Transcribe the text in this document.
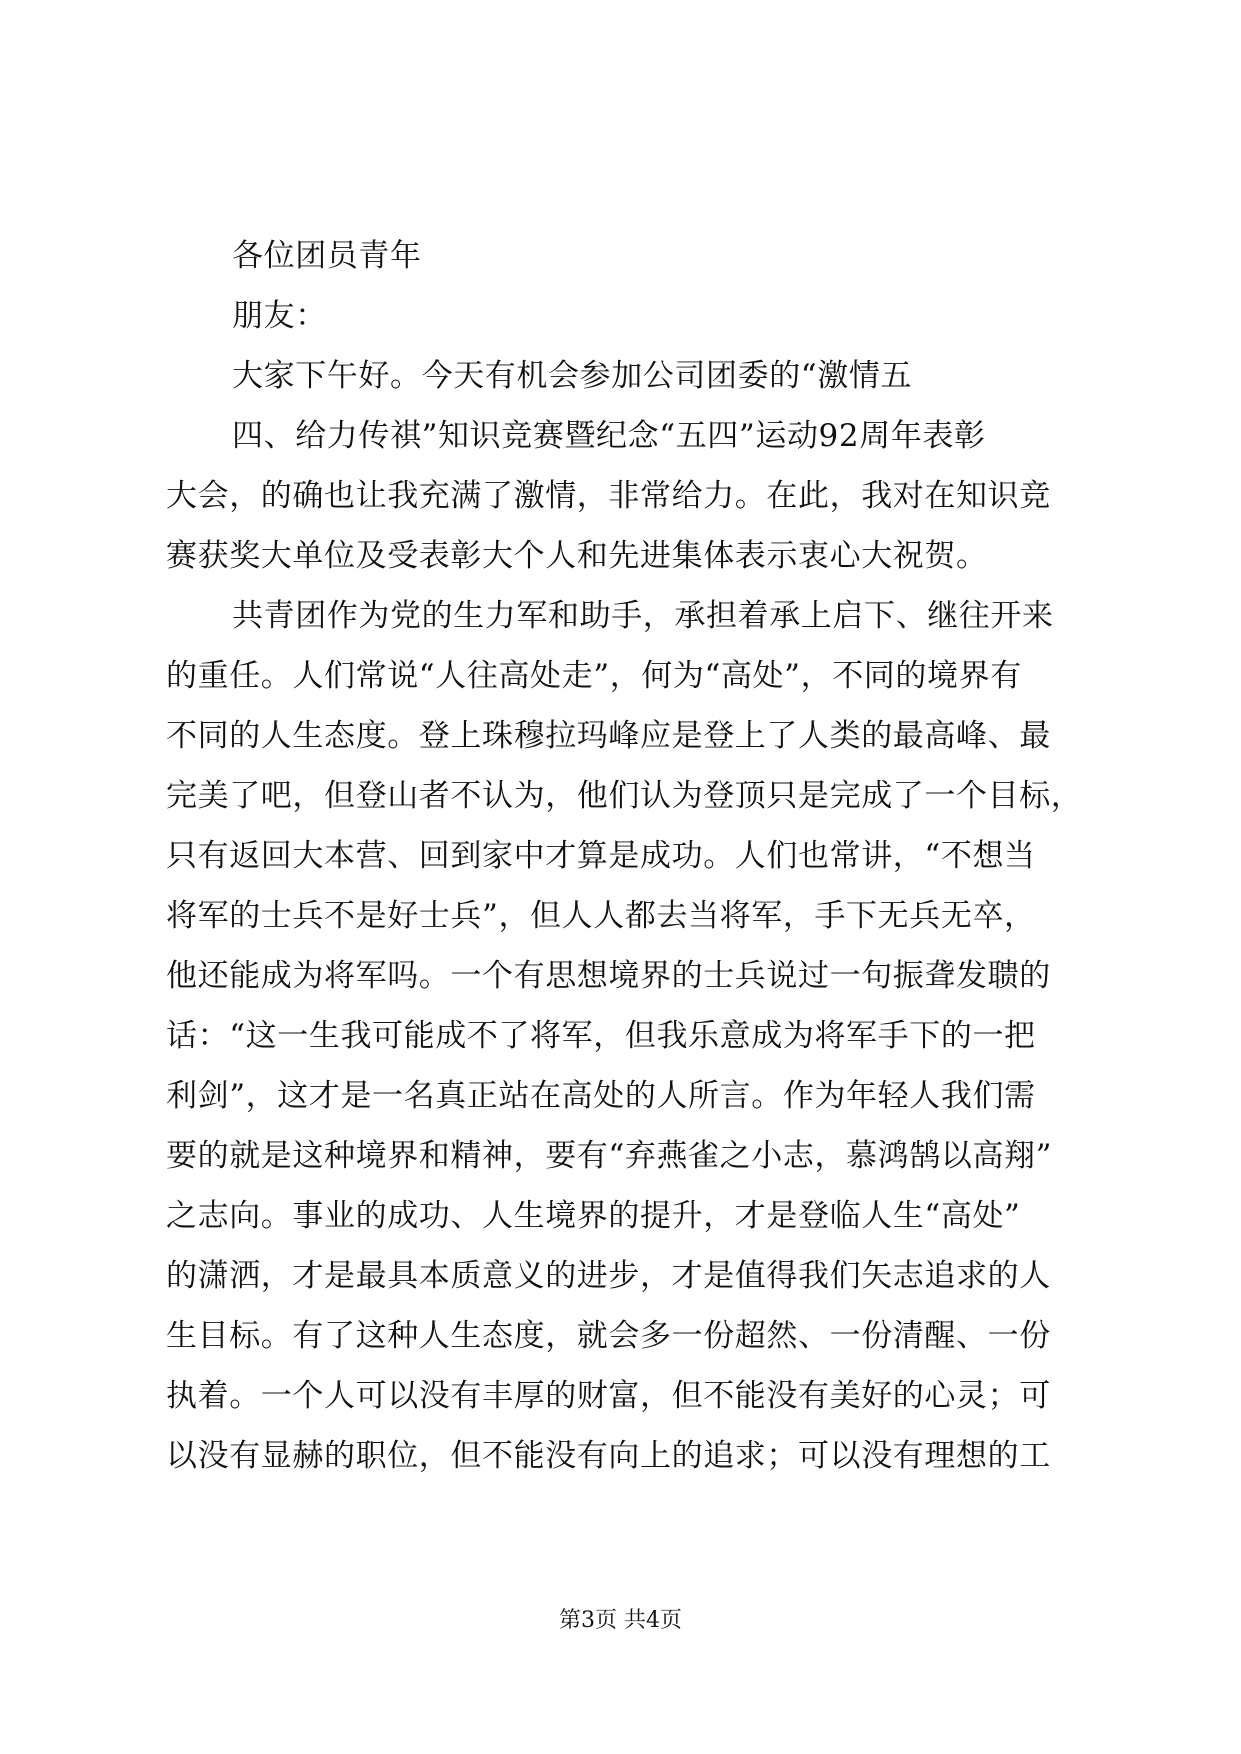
各位团员青年
朋友：
大家下午好。今天有机会参加公司团委的“激情五
四、给力传祺”知识竞赛暨纪念“五四”运动92周年表彰
大会，的确也让我充满了激情，非常给力。在此，我对在知识竞
赛获奖大单位及受表彰大个人和先进集体表示衷心大祝贺。
共青团作为党的生力军和助手，承担着承上启下、继往开来
的重任。人们常说“人往高处走”，何为“高处”，不同的境界有
不同的人生态度。登上珠穆拉玛峰应是登上了人类的最高峰、最
完美了吧，但登山者不认为，他们认为登顶只是完成了一个目标，
只有返回大本营、回到家中才算是成功。人们也常讲，“不想当
将军的士兵不是好士兵”，但人人都去当将军，手下无兵无卒，
他还能成为将军吗。一个有思想境界的士兵说过一句振聋发聩的
话：“这一生我可能成不了将军，但我乐意成为将军手下的一把
利剑”，这才是一名真正站在高处的人所言。作为年轻人我们需
要的就是这种境界和精神，要有“弃燕雀之小志，慕鸿鹄以高翔”
之志向。事业的成功、人生境界的提升，才是登临人生“高处”
的潇洒，才是最具本质意义的进步，才是值得我们矢志追求的人
生目标。有了这种人生态度，就会多一份超然、一份清醒、一份
执着。一个人可以没有丰厚的财富，但不能没有美好的心灵；可
以没有显赫的职位，但不能没有向上的追求；可以没有理想的工
第3页 共4页
